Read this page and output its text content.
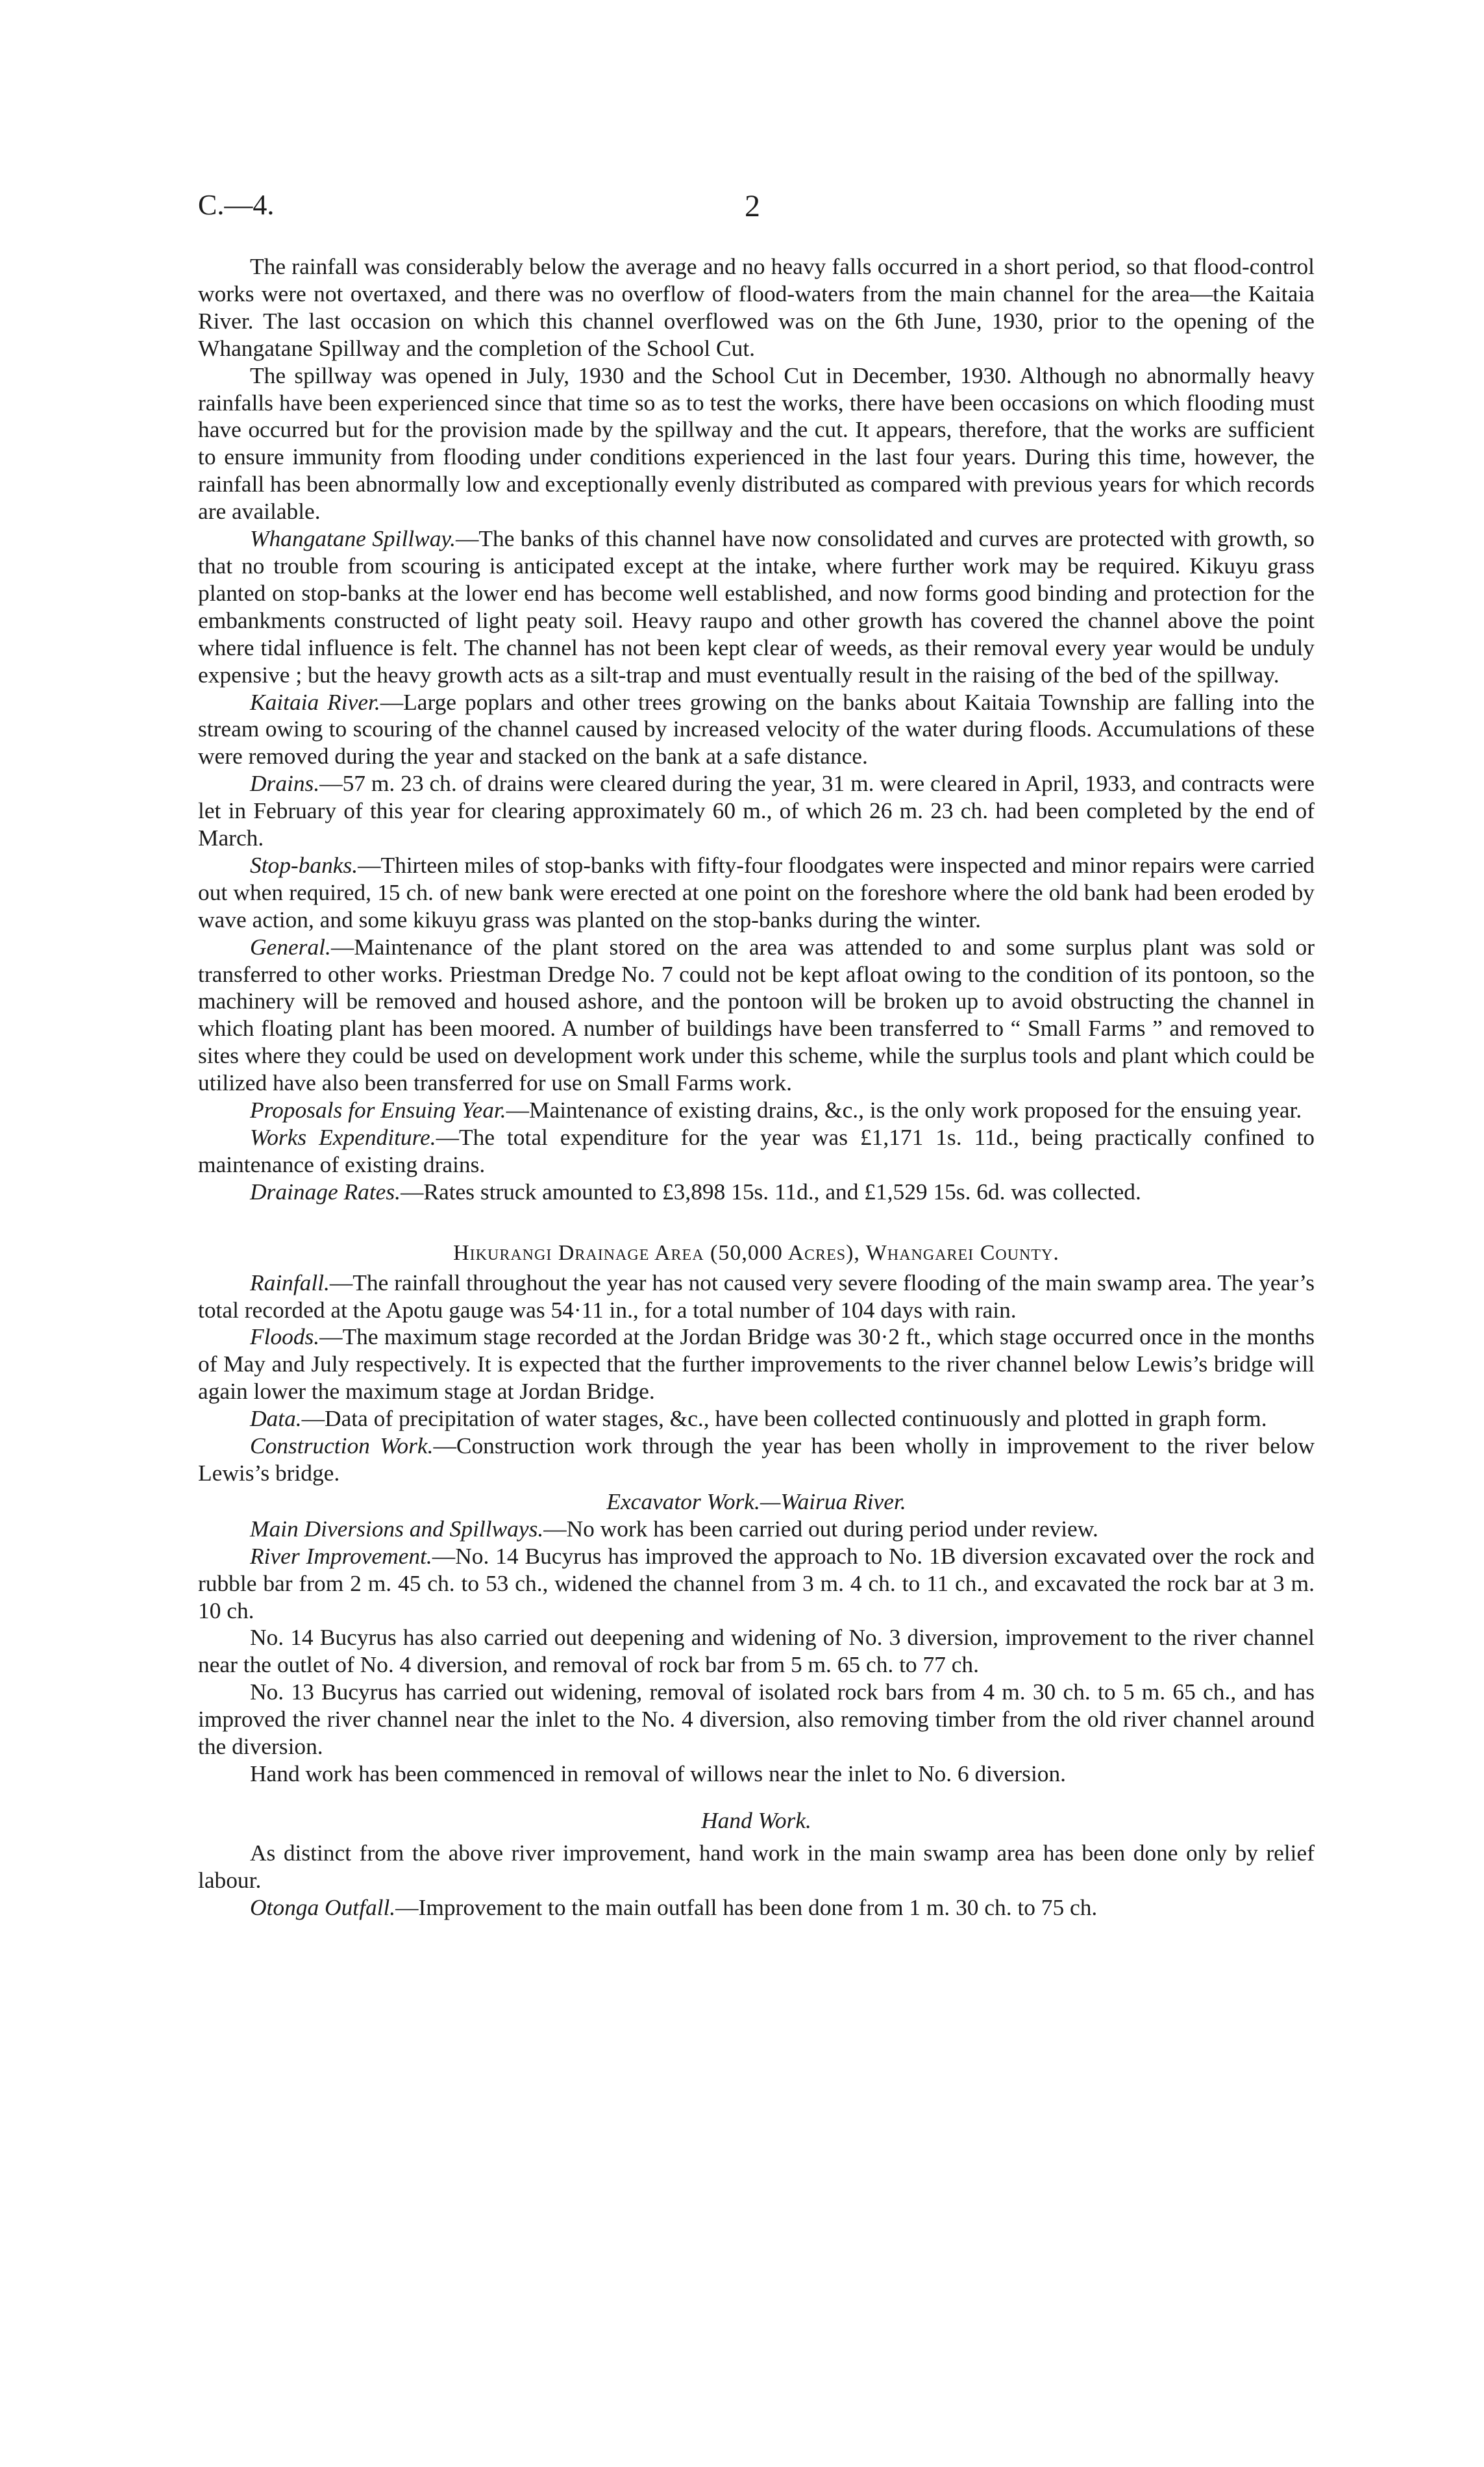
C.—4.	2

The rainfall was considerably below the average and no heavy falls occurred in a short period, so that flood-control works were not overtaxed, and there was no overflow of flood-waters from the main channel for the area—the Kaitaia River. The last occasion on which this channel overflowed was on the 6th June, 1930, prior to the opening of the Whangatane Spillway and the completion of the School Cut.

The spillway was opened in July, 1930 and the School Cut in December, 1930. Although no abnormally heavy rainfalls have been experienced since that time so as to test the works, there have been occasions on which flooding must have occurred but for the provision made by the spillway and the cut. It appears, therefore, that the works are sufficient to ensure immunity from flooding under conditions experienced in the last four years. During this time, however, the rainfall has been abnormally low and exceptionally evenly distributed as compared with previous years for which records are available.

Whangatane Spillway.—The banks of this channel have now consolidated and curves are protected with growth, so that no trouble from scouring is anticipated except at the intake, where further work may be required. Kikuyu grass planted on stop-banks at the lower end has become well established, and now forms good binding and protection for the embankments constructed of light peaty soil. Heavy raupo and other growth has covered the channel above the point where tidal influence is felt. The channel has not been kept clear of weeds, as their removal every year would be unduly expensive ; but the heavy growth acts as a silt-trap and must eventually result in the raising of the bed of the spillway.

Kaitaia River.—Large poplars and other trees growing on the banks about Kaitaia Township are falling into the stream owing to scouring of the channel caused by increased velocity of the water during floods. Accumulations of these were removed during the year and stacked on the bank at a safe distance.

Drains.—57 m. 23 ch. of drains were cleared during the year, 31 m. were cleared in April, 1933, and contracts were let in February of this year for clearing approximately 60 m., of which 26 m. 23 ch. had been completed by the end of March.

Stop-banks.—Thirteen miles of stop-banks with fifty-four floodgates were inspected and minor repairs were carried out when required, 15 ch. of new bank were erected at one point on the foreshore where the old bank had been eroded by wave action, and some kikuyu grass was planted on the stop-banks during the winter.

General.—Maintenance of the plant stored on the area was attended to and some surplus plant was sold or transferred to other works. Priestman Dredge No. 7 could not be kept afloat owing to the condition of its pontoon, so the machinery will be removed and housed ashore, and the pontoon will be broken up to avoid obstructing the channel in which floating plant has been moored. A number of buildings have been transferred to “ Small Farms ” and removed to sites where they could be used on development work under this scheme, while the surplus tools and plant which could be utilized have also been transferred for use on Small Farms work.

Proposals for Ensuing Year.—Maintenance of existing drains, &c., is the only work proposed for the ensuing year.

Works Expenditure.—The total expenditure for the year was £1,171 1s. 11d., being practically confined to maintenance of existing drains.

Drainage Rates.—Rates struck amounted to £3,898 15s. 11d., and £1,529 15s. 6d. was collected.

Hikurangi Drainage Area (50,000 Acres), Whangarei County.

Rainfall.—The rainfall throughout the year has not caused very severe flooding of the main swamp area. The year’s total recorded at the Apotu gauge was 54·11 in., for a total number of 104 days with rain.

Floods.—The maximum stage recorded at the Jordan Bridge was 30·2 ft., which stage occurred once in the months of May and July respectively. It is expected that the further improvements to the river channel below Lewis’s bridge will again lower the maximum stage at Jordan Bridge.

Data.—Data of precipitation of water stages, &c., have been collected continuously and plotted in graph form.

Construction Work.—Construction work through the year has been wholly in improvement to the river below Lewis’s bridge.

Excavator Work.—Wairua River.

Main Diversions and Spillways.—No work has been carried out during period under review.

River Improvement.—No. 14 Bucyrus has improved the approach to No. 1B diversion excavated over the rock and rubble bar from 2 m. 45 ch. to 53 ch., widened the channel from 3 m. 4 ch. to 11 ch., and excavated the rock bar at 3 m. 10 ch.

No. 14 Bucyrus has also carried out deepening and widening of No. 3 diversion, improvement to the river channel near the outlet of No. 4 diversion, and removal of rock bar from 5 m. 65 ch. to 77 ch.

No. 13 Bucyrus has carried out widening, removal of isolated rock bars from 4 m. 30 ch. to 5 m. 65 ch., and has improved the river channel near the inlet to the No. 4 diversion, also removing timber from the old river channel around the diversion.

Hand work has been commenced in removal of willows near the inlet to No. 6 diversion.

Hand Work.

As distinct from the above river improvement, hand work in the main swamp area has been done only by relief labour.

Otonga Outfall.—Improvement to the main outfall has been done from 1 m. 30 ch. to 75 ch.
